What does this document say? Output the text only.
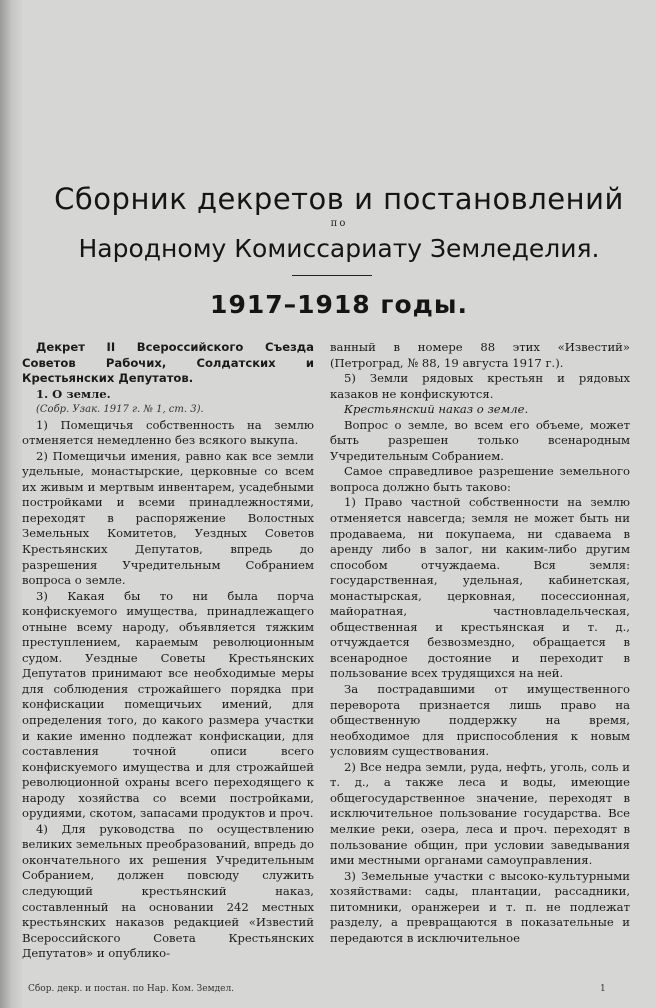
Сборник декретов и постановлений
по
Народному Комиссариату Земледелия.
1917–1918 годы.

Декрет II Всероссийского Съезда Советов Рабочих, Солдатских и Крестьянских Депутатов.

1. О земле.

(Собр. Узак. 1917 г. № 1, ст. 3).

1) Помещичья собственность на землю отменяется немедленно без всякого выкупа.

2) Помещичьи имения, равно как все земли удельные, монастырские, церковные со всем их живым и мертвым инвентарем, усадебными постройками и всеми принадлежностями, переходят в распоряжение Волостных Земельных Комитетов, Уездных Советов Крестьянских Депутатов, впредь до разрешения Учредительным Собранием вопроса о земле.

3) Какая бы то ни была порча конфискуемого имущества, принадлежащего отныне всему народу, объявляется тяжким преступлением, караемым революционным судом. Уездные Советы Крестьянских Депутатов принимают все необходимые меры для соблюдения строжайшего порядка при конфискации помещичьих имений, для определения того, до какого размера участки и какие именно подлежат конфискации, для составления точной описи всего конфискуемого имущества и для строжайшей революционной охраны всего переходящего к народу хозяйства со всеми постройками, орудиями, скотом, запасами продуктов и проч.

4) Для руководства по осуществлению великих земельных преобразований, впредь до окончательного их решения Учредительным Собранием, должен повсюду служить следующий крестьянский наказ, составленный на основании 242 местных крестьянских наказов редакцией «Известий Всероссийского Совета Крестьянских Депутатов» и опублико-

ванный в номере 88 этих «Известий» (Петроград, № 88, 19 августа 1917 г.).

5) Земли рядовых крестьян и рядовых казаков не конфискуются.

Крестьянский наказ о земле.

Вопрос о земле, во всем его объеме, может быть разрешен только всенародным Учредительным Собранием.

Самое справедливое разрешение земельного вопроса должно быть таково:

1) Право частной собственности на землю отменяется навсегда; земля не может быть ни продаваема, ни покупаема, ни сдаваема в аренду либо в залог, ни каким-либо другим способом отчуждаема. Вся земля: государственная, удельная, кабинетская, монастырская, церковная, посессионная, майоратная, частновладельческая, общественная и крестьянская и т. д., отчуждается безвозмездно, обращается в всенародное достояние и переходит в пользование всех трудящихся на ней.

За пострадавшими от имущественного переворота признается лишь право на общественную поддержку на время, необходимое для приспособления к новым условиям существования.

2) Все недра земли, руда, нефть, уголь, соль и т. д., а также леса и воды, имеющие общегосударственное значение, переходят в исключительное пользование государства. Все мелкие реки, озера, леса и проч. переходят в пользование общин, при условии заведывания ими местными органами самоуправления.

3) Земельные участки с высоко-культурными хозяйствами: сады, плантации, рассадники, питомники, оранжереи и т. п. не подлежат разделу, а превращаются в показательные и передаются в исключительное

Сбор. декр. и постан. по Нар. Ком. Земдел.	1
